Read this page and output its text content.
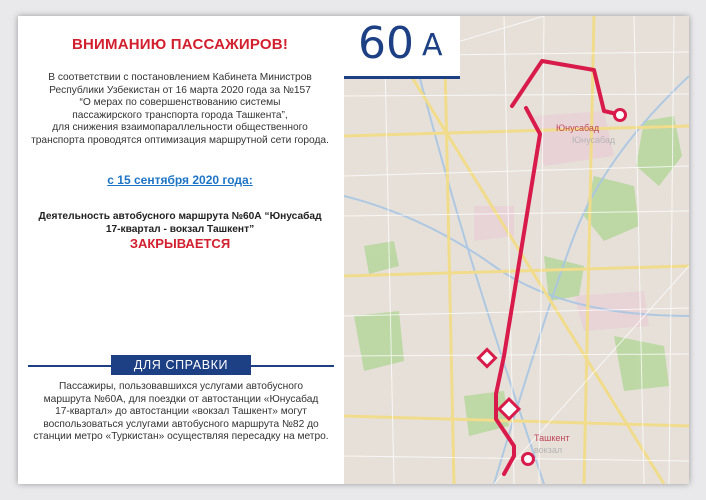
ВНИМАНИЮ ПАССАЖИРОВ!
В соответствии с постановлением Кабинета Министров
Республики Узбекистан от 16 марта 2020 года за №157
“О мерах по совершенствованию системы
пассажирского транспорта города Ташкента”,
для снижения взаимопараллельности общественного
транспорта проводятся оптимизация маршрутной сети города.
с 15 сентября 2020 года:
Деятельность автобусного маршрута №60А “Юнусабад
17-квартал - вокзал Ташкент”
ЗАКРЫВАЕТСЯ
ДЛЯ СПРАВКИ
Пассажиры, пользовавшихся услугами автобусного
маршрута №60А, для поездки от автостанции «Юнусабад
17-квартал» до автостанции «вокзал Ташкент» могут
воспользоваться услугами автобусного маршрута №82 до
станции метро «Туркистан» осуществляя пересадку на метро.
Юнусабад
Юнусабад
Ташкент
вокзал
60 А
